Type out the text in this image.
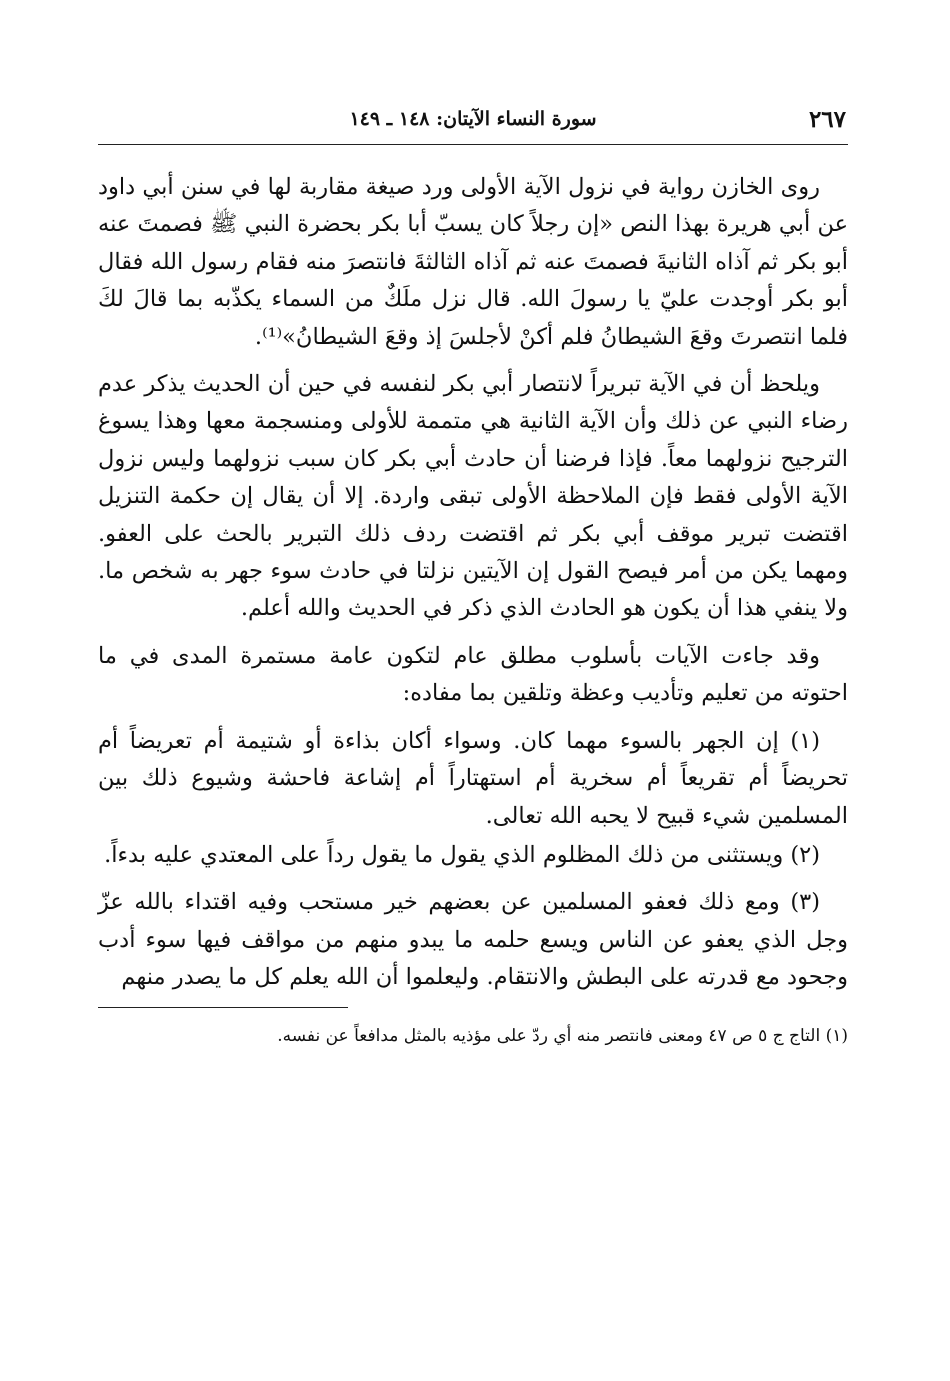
سورة النساء الآيتان: ١٤٨ ـ ١٤٩	٢٦٧

روى الخازن رواية في نزول الآية الأولى ورد صيغة مقاربة لها في سنن أبي داود عن أبي هريرة بهذا النص «إن رجلاً كان يسبّ أبا بكر بحضرة النبي ﷺ فصمتَ عنه أبو بكر ثم آذاه الثانيةَ فصمتَ عنه ثم آذاه الثالثةَ فانتصرَ منه فقام رسول الله فقال أبو بكر أوجدت عليّ يا رسولَ الله. قال نزل ملَكٌ من السماء يكذّبه بما قالَ لكَ فلما انتصرتَ وقعَ الشيطانُ فلم أكنْ لأجلسَ إذ وقعَ الشيطانُ»⁽¹⁾.

ويلحظ أن في الآية تبريراً لانتصار أبي بكر لنفسه في حين أن الحديث يذكر عدم رضاء النبي عن ذلك وأن الآية الثانية هي متممة للأولى ومنسجمة معها وهذا يسوغ الترجيح نزولهما معاً. فإذا فرضنا أن حادث أبي بكر كان سبب نزولهما وليس نزول الآية الأولى فقط فإن الملاحظة الأولى تبقى واردة. إلا أن يقال إن حكمة التنزيل اقتضت تبرير موقف أبي بكر ثم اقتضت ردف ذلك التبرير بالحث على العفو. ومهما يكن من أمر فيصح القول إن الآيتين نزلتا في حادث سوء جهر به شخص ما. ولا ينفي هذا أن يكون هو الحادث الذي ذكر في الحديث والله أعلم.

وقد جاءت الآيات بأسلوب مطلق عام لتكون عامة مستمرة المدى في ما احتوته من تعليم وتأديب وعظة وتلقين بما مفاده:

(١) إن الجهر بالسوء مهما كان. وسواء أكان بذاءة أو شتيمة أم تعريضاً أم تحريضاً أم تقريعاً أم سخرية أم استهتاراً أم إشاعة فاحشة وشيوع ذلك بين المسلمين شيء قبيح لا يحبه الله تعالى.

(٢) ويستثنى من ذلك المظلوم الذي يقول ما يقول رداً على المعتدي عليه بدءاً.

(٣) ومع ذلك فعفو المسلمين عن بعضهم خير مستحب وفيه اقتداء بالله عزّ وجل الذي يعفو عن الناس ويسع حلمه ما يبدو منهم من مواقف فيها سوء أدب وجحود مع قدرته على البطش والانتقام. وليعلموا أن الله يعلم كل ما يصدر منهم

(١) التاج ج ٥ ص ٤٧ ومعنى فانتصر منه أي ردّ على مؤذيه بالمثل مدافعاً عن نفسه.
